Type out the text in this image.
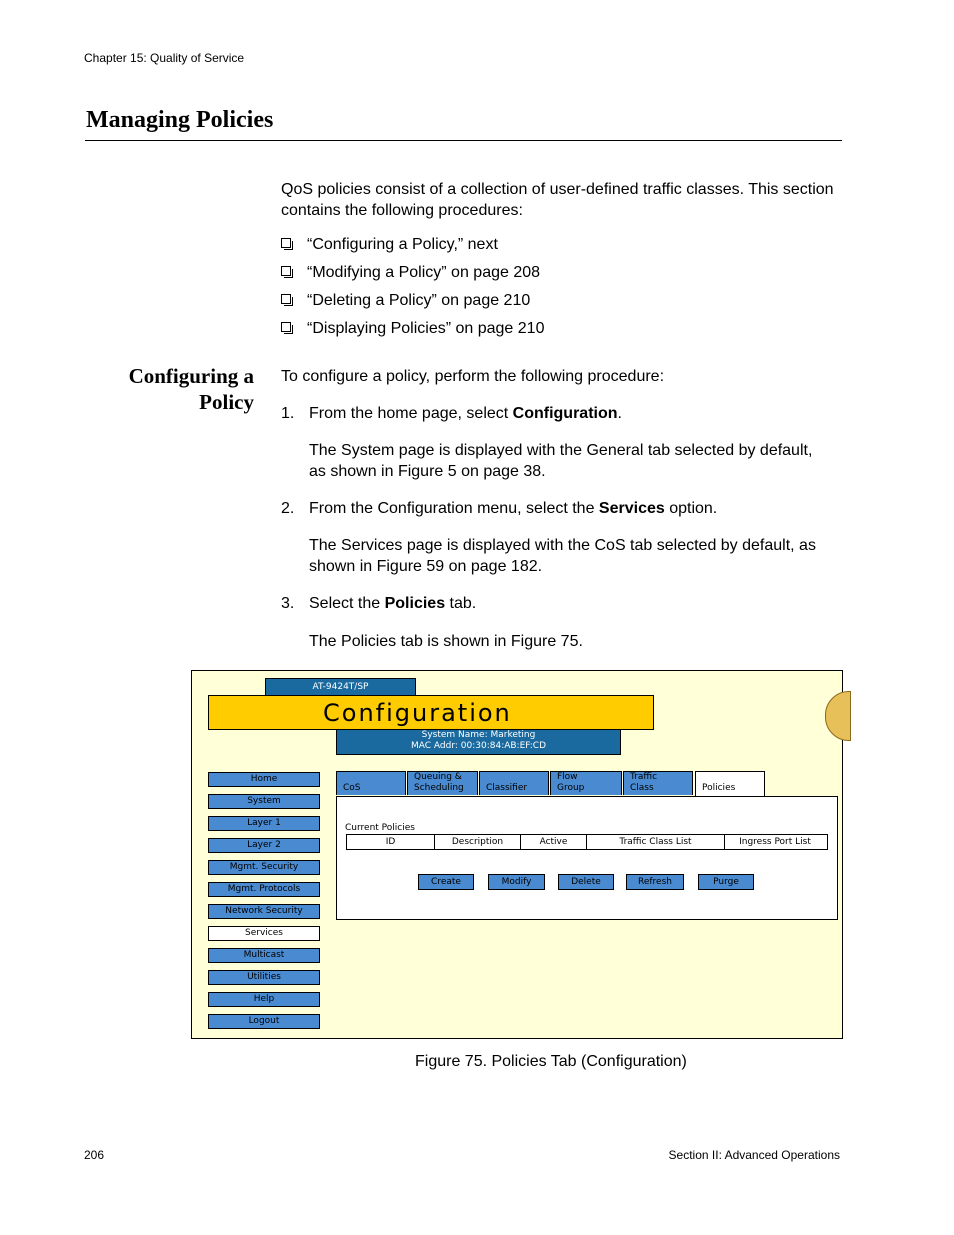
Chapter 15: Quality of Service
Managing Policies
QoS policies consist of a collection of user-defined traffic classes. This section contains the following procedures:
“Configuring a Policy,” next
“Modifying a Policy” on page 208
“Deleting a Policy” on page 210
“Displaying Policies” on page 210
Configuring a
Policy
To configure a policy, perform the following procedure:
1. From the home page, select Configuration.
The System page is displayed with the General tab selected by default, as shown in Figure 5 on page 38.
2. From the Configuration menu, select the Services option.
The Services page is displayed with the CoS tab selected by default, as shown in Figure 59 on page 182.
3. Select the Policies tab.
The Policies tab is shown in Figure 75.
AT-9424T/SP
Configuration
System Name: Marketing
MAC Addr: 00:30:84:AB:EF:CD
Home
System
Layer 1
Layer 2
Mgmt. Security
Mgmt. Protocols
Network Security
Services
Multicast
Utilities
Help
Logout

CoS
Queuing &
Scheduling
	Classifier
Flow
Group
Traffic
Class
	Policies
Current Policies
ID	Description	Active	Traffic Class List	Ingress Port List
Create	Modify	Delete	Refresh	Purge
Figure 75. Policies Tab (Configuration)
206	Section II: Advanced Operations
